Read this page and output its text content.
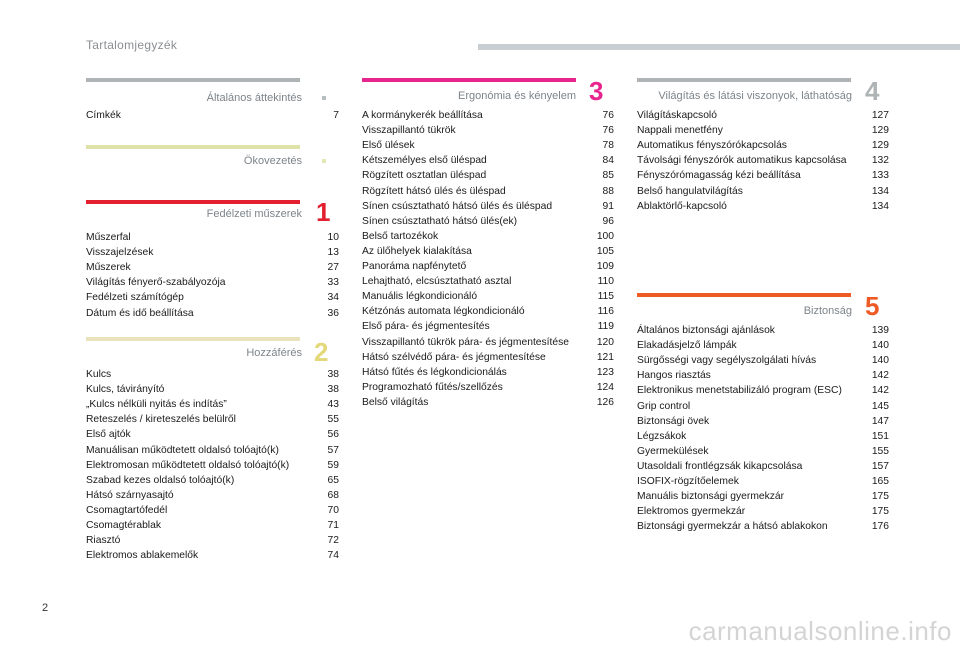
Tartalomjegyzék
Általános áttekintés
Címkék	7
Ökovezetés
Fedélzeti műszerek 1
Műszerfal	10
Visszajelzések	13
Műszerek	27
Világítás fényerő-szabályozója	33
Fedélzeti számítógép	34
Dátum és idő beállítása	36
Hozzáférés 2
Kulcs	38
Kulcs, távirányító	38
„Kulcs nélküli nyitás és indítás”	43
Reteszelés / kireteszelés belülről	55
Első ajtók	56
Manuálisan működtetett oldalsó tolóajtó(k)	57
Elektromosan működtetett oldalsó tolóajtó(k)	59
Szabad kezes oldalsó tolóajtó(k)	65
Hátsó szárnyasajtó	68
Csomagtartófedél	70
Csomagtérablak	71
Riasztó	72
Elektromos ablakemelők	74
Ergonómia és kényelem 3
A kormánykerék beállítása	76
Visszapillantó tükrök	76
Első ülések	78
Kétszemélyes első üléspad	84
Rögzített osztatlan üléspad	85
Rögzített hátsó ülés és üléspad	88
Sínen csúsztatható hátsó ülés és üléspad	91
Sínen csúsztatható hátsó ülés(ek)	96
Belső tartozékok	100
Az ülőhelyek kialakítása	105
Panoráma napfénytető	109
Lehajtható, elcsúsztatható asztal	110
Manuális légkondicionáló	115
Kétzónás automata légkondicionáló	116
Első pára- és jégmentesítés	119
Visszapillantó tükrök pára- és jégmentesítése	120
Hátsó szélvédő pára- és jégmentesítése	121
Hátsó fűtés és légkondicionálás	123
Programozható fűtés/szellőzés	124
Belső világítás	126
Világítás és látási viszonyok, láthatóság 4
Világításkapcsoló	127
Nappali menetfény	129
Automatikus fényszórókapcsolás	129
Távolsági fényszórók automatikus kapcsolása 132
Fényszórómagasság kézi beállítása	133
Belső hangulatvilágítás	134
Ablaktörlő-kapcsoló	134
Biztonság 5
Általános biztonsági ajánlások	139
Elakadásjelző lámpák	140
Sürgősségi vagy segélyszolgálati hívás	140
Hangos riasztás	142
Elektronikus menetstabilizáló program (ESC)	142
Grip control	145
Biztonsági övek	147
Légzsákok	151
Gyermekülések	155
Utasoldali frontlégzsák kikapcsolása	157
ISOFIX-rögzítőelemek	165
Manuális biztonsági gyermekzár	175
Elektromos gyermekzár	175
Biztonsági gyermekzár a hátsó ablakokon	176
2
carmanualsonline.info
